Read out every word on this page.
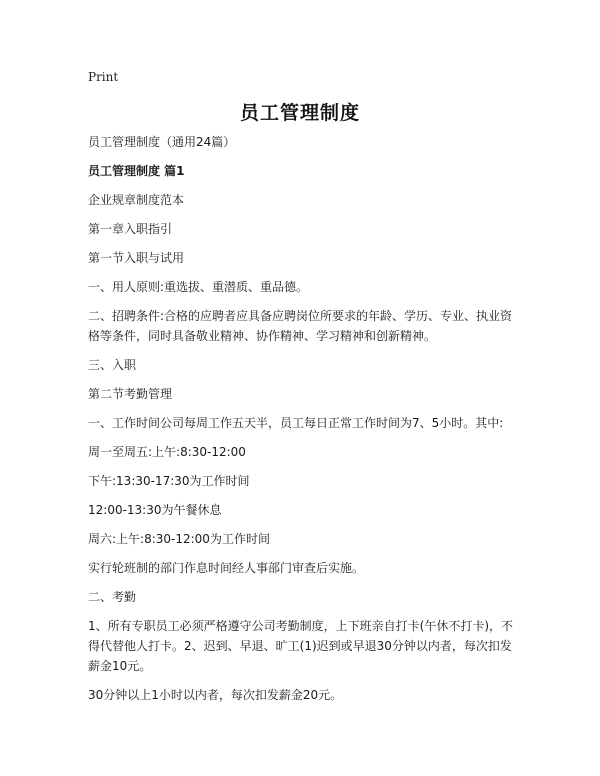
Print
员工管理制度

员工管理制度（通用24篇）

员工管理制度 篇1

企业规章制度范本

第一章入职指引

第一节入职与试用

一、用人原则:重选拔、重潜质、重品德。

二、招聘条件:合格的应聘者应具备应聘岗位所要求的年龄、学历、专业、执业资格等条件，同时具备敬业精神、协作精神、学习精神和创新精神。

三、入职

第二节考勤管理

一、工作时间公司每周工作五天半，员工每日正常工作时间为7、5小时。其中:

周一至周五:上午:8:30-12:00

下午:13:30-17:30为工作时间

12:00-13:30为午餐休息

周六:上午:8:30-12:00为工作时间

实行轮班制的部门作息时间经人事部门审查后实施。

二、考勤

1、所有专职员工必须严格遵守公司考勤制度，上下班亲自打卡(午休不打卡)，不得代替他人打卡。2、迟到、早退、旷工(1)迟到或早退30分钟以内者，每次扣发薪金10元。

30分钟以上1小时以内者，每次扣发薪金20元。
